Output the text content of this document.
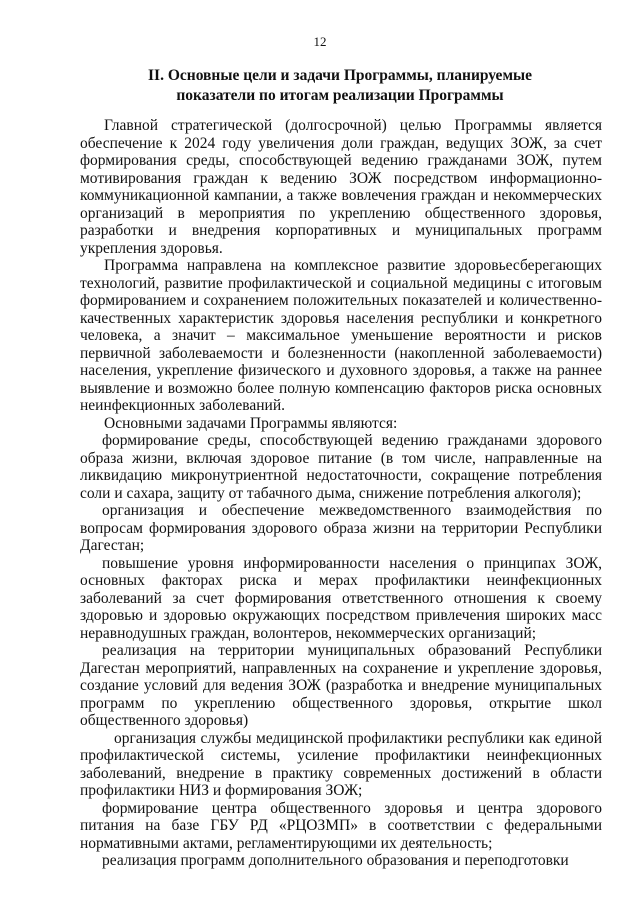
12
II. Основные цели и задачи Программы, планируемые
показатели по итогам реализации Программы

Главной стратегической (долгосрочной) целью Программы является обеспечение к 2024 году увеличения доли граждан, ведущих ЗОЖ, за счет формирования среды, способствующей ведению гражданами ЗОЖ, путем мотивирования граждан к ведению ЗОЖ посредством информационно-коммуникационной кампании, а также вовлечения граждан и некоммерческих организаций в мероприятия по укреплению общественного здоровья, разработки и внедрения корпоративных и муниципальных программ укрепления здоровья.

Программа направлена на комплексное развитие здоровьесберегающих технологий, развитие профилактической и социальной медицины с итоговым формированием и сохранением положительных показателей и количественно-качественных характеристик здоровья населения республики и конкретного человека, а значит – максимальное уменьшение вероятности и рисков первичной заболеваемости и болезненности (накопленной заболеваемости) населения, укрепление физического и духовного здоровья, а также на раннее выявление и возможно более полную компенсацию факторов риска основных неинфекционных заболеваний.

Основными задачами Программы являются:

формирование среды, способствующей ведению гражданами здорового образа жизни, включая здоровое питание (в том числе, направленные на ликвидацию микронутриентной недостаточности, сокращение потребления соли и сахара, защиту от табачного дыма, снижение потребления алкоголя);

организация и обеспечение межведомственного взаимодействия по вопросам формирования здорового образа жизни на территории Республики Дагестан;

повышение уровня информированности населения о принципах ЗОЖ, основных факторах риска и мерах профилактики неинфекционных заболеваний за счет формирования ответственного отношения к своему здоровью и здоровью окружающих посредством привлечения широких масс неравнодушных граждан, волонтеров, некоммерческих организаций;

реализация на территории муниципальных образований Республики Дагестан мероприятий, направленных на сохранение и укрепление здоровья, создание условий для ведения ЗОЖ (разработка и внедрение муниципальных программ по укреплению общественного здоровья, открытие школ общественного здоровья)

организация службы медицинской профилактики республики как единой профилактической системы, усиление профилактики неинфекционных заболеваний, внедрение в практику современных достижений в области профилактики НИЗ и формирования ЗОЖ;

формирование центра общественного здоровья и центра здорового питания на базе ГБУ РД «РЦОЗМП» в соответствии с федеральными нормативными актами, регламентирующими их деятельность;

реализация программ дополнительного образования и переподготовки
